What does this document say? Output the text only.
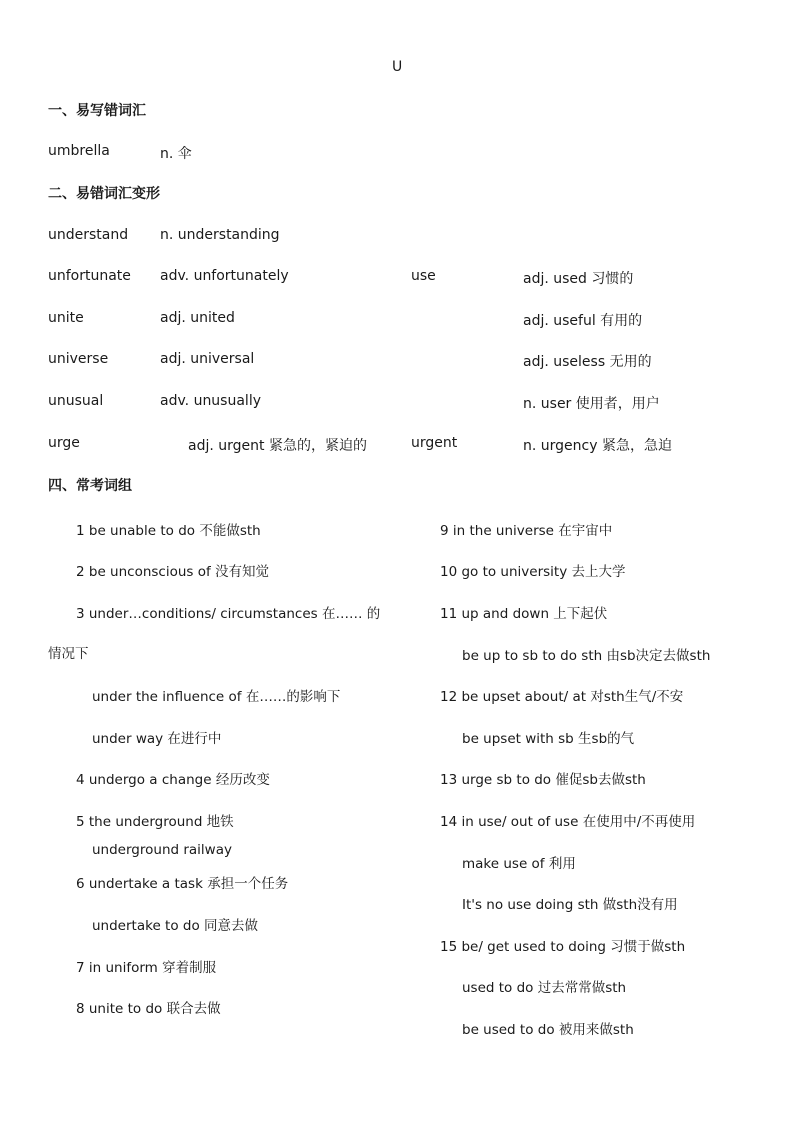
U
一、易写错词汇
umbrella	n. 伞
二、易错词汇变形
understand n. understanding
unfortunate adv. unfortunately
unite	adj. united
universe	adj. universal
unusual	adv. unusually
urge	adj. urgent 紧急的，紧迫的
use	adj. used 习惯的
adj. useful 有用的
adj. useless 无用的
n. user 使用者，用户
urgent	n. urgency 紧急，急迫
四、常考词组
1 be unable to do 不能做sth
2 be unconscious of 没有知觉
3 under…conditions/ circumstances 在…… 的
情况下
under the influence of 在……的影响下
under way 在进行中
4 undergo a change 经历改变
5 the underground 地铁
underground railway
6 undertake a task 承担一个任务
undertake to do 同意去做
7 in uniform 穿着制服
8 unite to do 联合去做
9 in the universe 在宇宙中
10 go to university 去上大学
11 up and down 上下起伏
be up to sb to do sth 由sb决定去做sth
12 be upset about/ at 对sth生气/不安
be upset with sb 生sb的气
13 urge sb to do 催促sb去做sth
14 in use/ out of use 在使用中/不再使用
make use of 利用
It's no use doing sth 做sth没有用
15 be/ get used to doing 习惯于做sth
used to do 过去常常做sth
be used to do 被用来做sth
